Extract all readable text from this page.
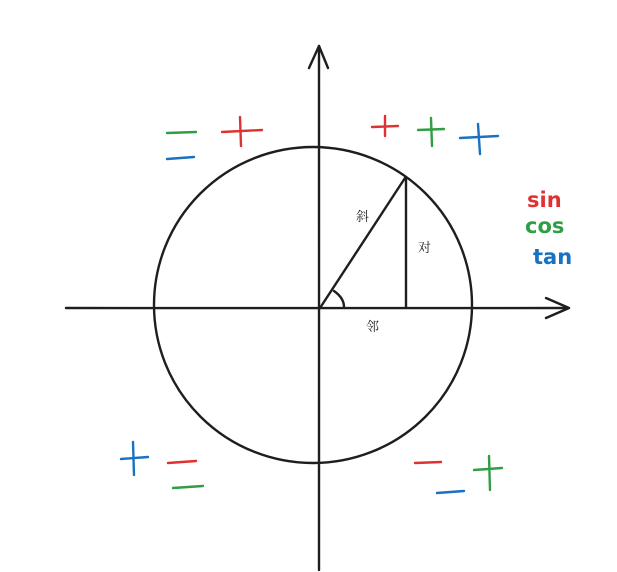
斜
对
邻
sin
cos
tan
